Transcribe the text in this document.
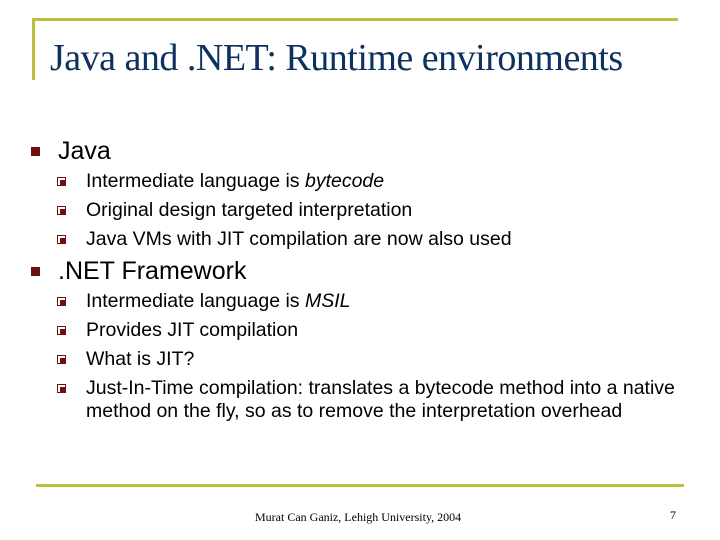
Java and .NET: Runtime environments
Java
Intermediate language is bytecode
Original design targeted interpretation
Java VMs with JIT compilation are now also used
.NET Framework
Intermediate language is MSIL
Provides JIT compilation
What is JIT?
Just-In-Time compilation: translates a bytecode method into a native method on the fly, so as to remove the interpretation overhead
Murat Can Ganiz, Lehigh University, 2004	7
